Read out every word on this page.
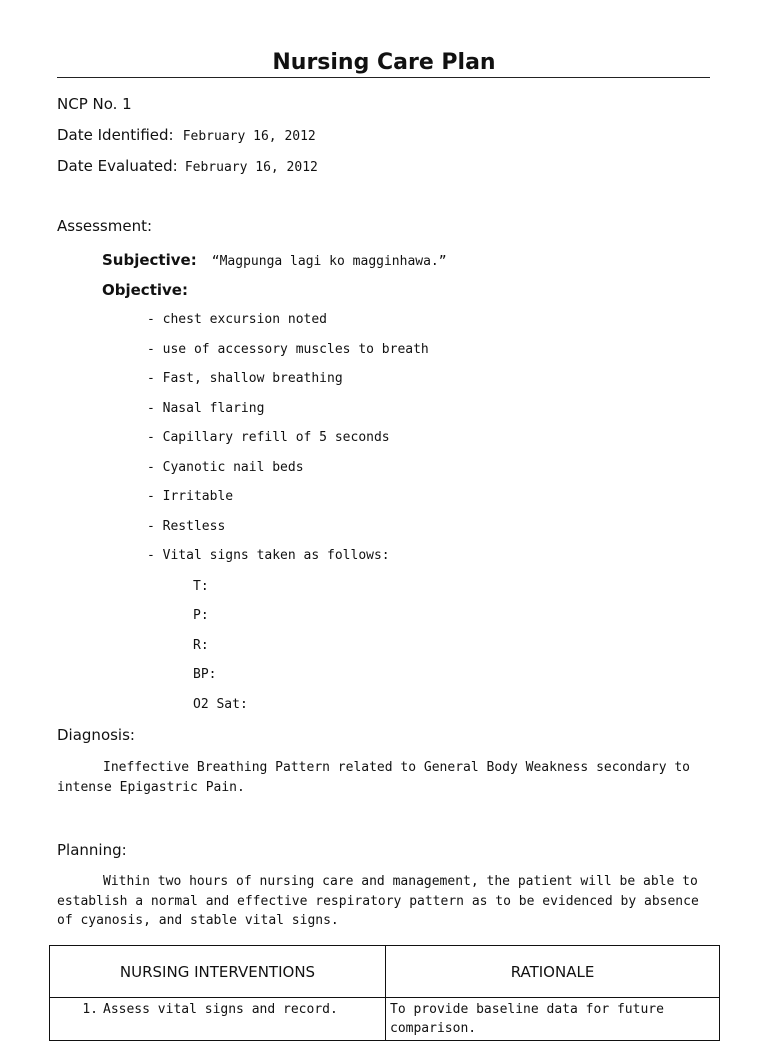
Nursing Care Plan
NCP No. 1
Date Identified: February 16, 2012
Date Evaluated: February 16, 2012
Assessment:
Subjective: “Magpunga lagi ko magginhawa.”
Objective:
- chest excursion noted
- use of accessory muscles to breath
- Fast, shallow breathing
- Nasal flaring
- Capillary refill of 5 seconds
- Cyanotic nail beds
- Irritable
- Restless
- Vital signs taken as follows:
T:
P:
R:
BP:
O2 Sat:
Diagnosis:
Ineffective Breathing Pattern related to General Body Weakness secondary to intense Epigastric Pain.
Planning:
Within two hours of nursing care and management, the patient will be able to establish a normal and effective respiratory pattern as to be evidenced by absence of cyanosis, and stable vital signs.
NURSING INTERVENTIONS	RATIONALE
1. Assess vital signs and record.	To provide baseline data for future comparison.
